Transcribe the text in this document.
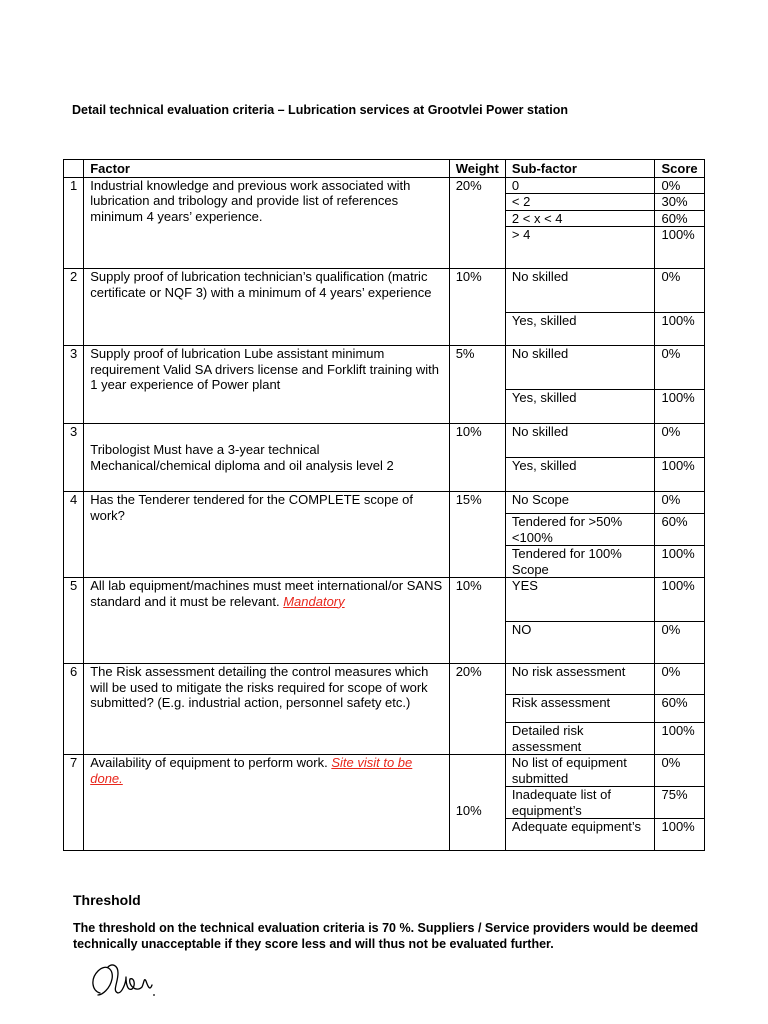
Detail technical evaluation criteria – Lubrication services at Grootvlei Power station
	Factor	Weight	Sub-factor	Score
1	Industrial knowledge and previous work associated with lubrication and tribology and provide list of references minimum 4 years’ experience.	20%	0	0%
			< 2	30%
			2 < x < 4	60%
			> 4	100%

2	Supply proof of lubrication technician’s qualification (matric certificate or NQF 3) with a minimum of 4 years’ experience	10%	No skilled	0%
			Yes, skilled	100%
3	Supply proof of lubrication Lube assistant minimum requirement Valid SA drivers license and Forklift training with 1 year experience of Power plant	5%	No skilled	0%
			Yes, skilled	100%
3	Tribologist Must have a 3-year technical Mechanical/chemical diploma and oil analysis level 2	10%	No skilled	0%
			Yes, skilled	100%
4	Has the Tenderer tendered for the COMPLETE scope of work?	15%	No Scope	0%
			Tendered for >50%<100%	60%
			Tendered for 100% Scope	100%
5	All lab equipment/machines must meet international/or SANS standard and it must be relevant. Mandatory	10%	YES	100%
			NO	0%
6	The Risk assessment detailing the control measures which will be used to mitigate the risks required for scope of work submitted? (E.g. industrial action, personnel safety etc.)	20%	No risk assessment	0%
			Risk assessment	60%
			Detailed risk assessment	100%
7	Availability of equipment to perform work. Site visit to be done.	10%	No list of equipment submitted	0%
			Inadequate list of equipment’s	75%
			Adequate equipment’s	100%
Threshold
The threshold on the technical evaluation criteria is 70 %. Suppliers / Service providers would be deemed technically unacceptable if they score less and will thus not be evaluated further.
